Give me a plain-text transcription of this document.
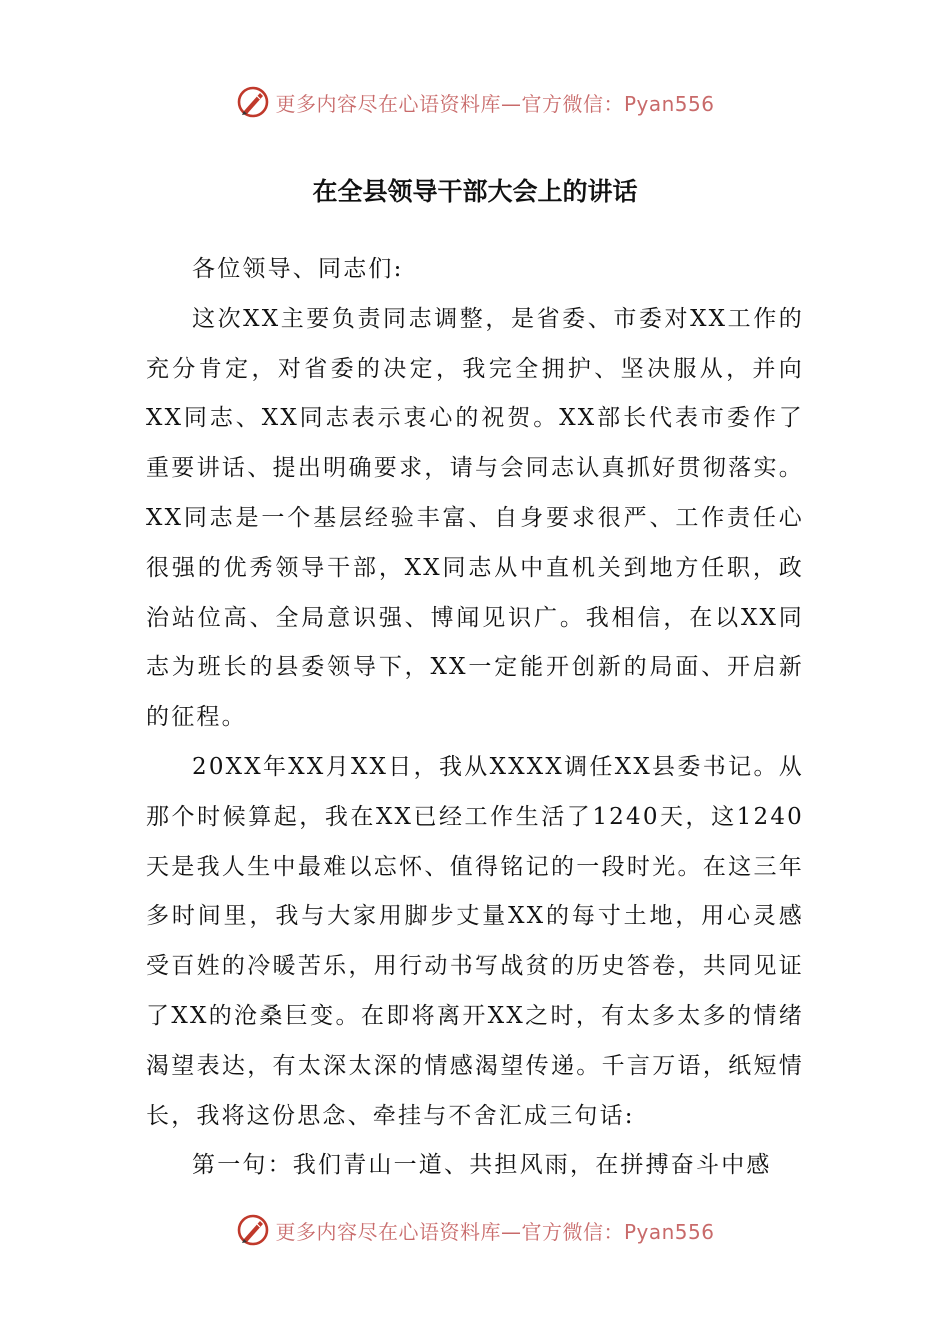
更多内容尽在心语资料库—官方微信：Pyan556
在全县领导干部大会上的讲话

各位领导、同志们:

这次XX主要负责同志调整，是省委、市委对XX工作的充分肯定，对省委的决定，我完全拥护、坚决服从，并向XX同志、XX同志表示衷心的祝贺。XX部长代表市委作了重要讲话、提出明确要求，请与会同志认真抓好贯彻落实。XX同志是一个基层经验丰富、自身要求很严、工作责任心很强的优秀领导干部，XX同志从中直机关到地方任职，政治站位高、全局意识强、博闻见识广。我相信，在以XX同志为班长的县委领导下，XX一定能开创新的局面、开启新的征程。

20XX年XX月XX日，我从XXXX调任XX县委书记。从那个时候算起，我在XX已经工作生活了1240天，这1240天是我人生中最难以忘怀、值得铭记的一段时光。在这三年多时间里，我与大家用脚步丈量XX的每寸土地，用心灵感受百姓的冷暖苦乐，用行动书写战贫的历史答卷，共同见证了XX的沧桑巨变。在即将离开XX之时，有太多太多的情绪渴望表达，有太深太深的情感渴望传递。千言万语，纸短情长，我将这份思念、牵挂与不舍汇成三句话:

第一句：我们青山一道、共担风雨，在拼搏奋斗中感

更多内容尽在心语资料库—官方微信：Pyan556
